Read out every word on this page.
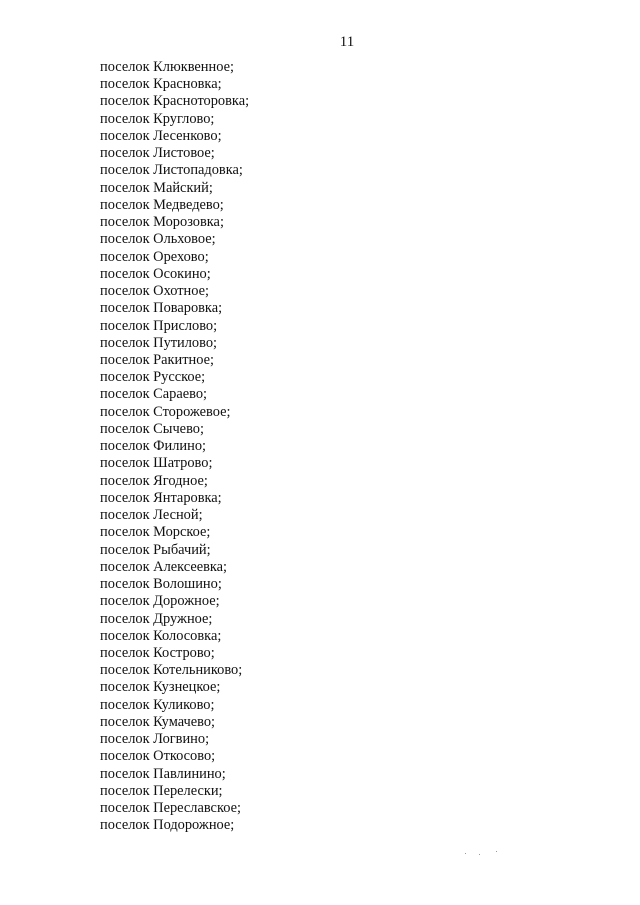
11
поселок Клюквенное;
поселок Красновка;
поселок Красноторовка;
поселок Круглово;
поселок Лесенково;
поселок Листовое;
поселок Листопадовка;
поселок Майский;
поселок Медведево;
поселок Морозовка;
поселок Ольховое;
поселок Орехово;
поселок Осокино;
поселок Охотное;
поселок Поваровка;
поселок Прислово;
поселок Путилово;
поселок Ракитное;
поселок Русское;
поселок Сараево;
поселок Сторожевое;
поселок Сычево;
поселок Филино;
поселок Шатрово;
поселок Ягодное;
поселок Янтаровка;
поселок Лесной;
поселок Морское;
поселок Рыбачий;
поселок Алексеевка;
поселок Волошино;
поселок Дорожное;
поселок Дружное;
поселок Колосовка;
поселок Кострово;
поселок Котельниково;
поселок Кузнецкое;
поселок Куликово;
поселок Кумачево;
поселок Логвино;
поселок Откосово;
поселок Павлинино;
поселок Перелески;
поселок Переславское;
поселок Подорожное;
